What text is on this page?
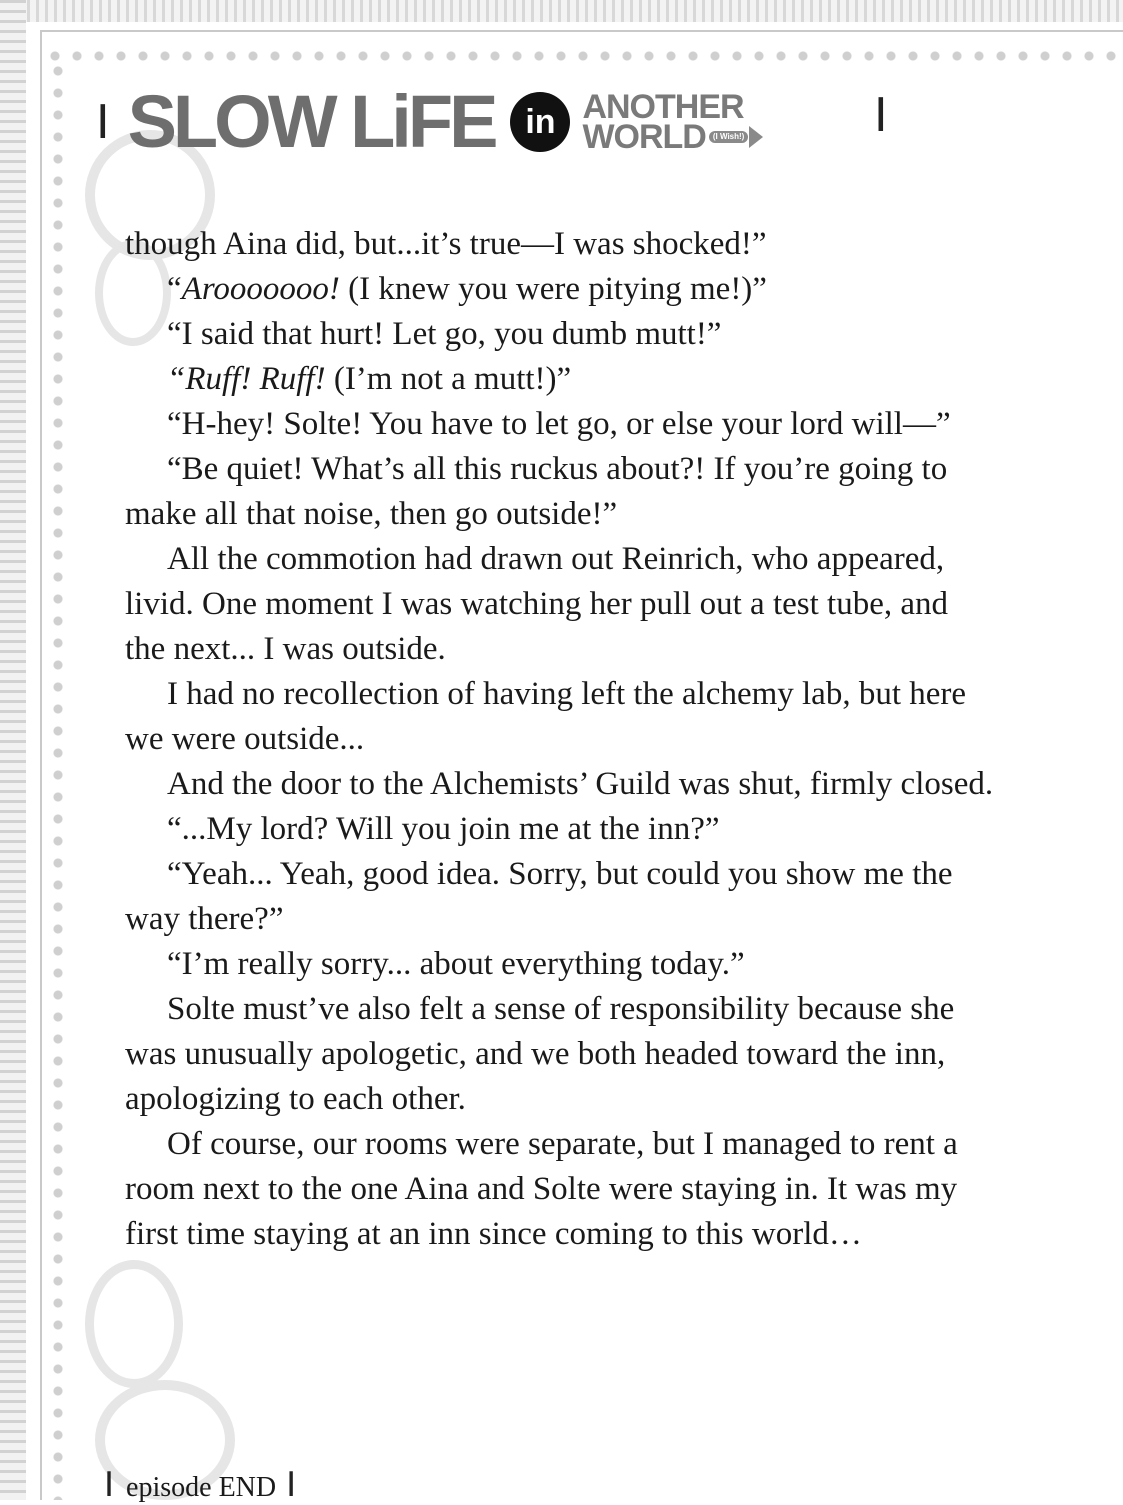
I SLOW LiFE in ANOTHER
WORLD (I Wish!)	I

though Aina did, but...it’s true—I was shocked!”

“Arooooooo! (I knew you were pitying me!)”

“I said that hurt! Let go, you dumb mutt!”

“Ruff! Ruff! (I’m not a mutt!)”

“H-hey! Solte! You have to let go, or else your lord will—”

“Be quiet! What’s all this ruckus about?! If you’re going to make all that noise, then go outside!”

All the commotion had drawn out Reinrich, who appeared, livid. One moment I was watching her pull out a test tube, and the next... I was outside.

I had no recollection of having left the alchemy lab, but here we were outside...

And the door to the Alchemists’ Guild was shut, firmly closed.

“...My lord? Will you join me at the inn?”

“Yeah... Yeah, good idea. Sorry, but could you show me the way there?”

“I’m really sorry... about everything today.”

Solte must’ve also felt a sense of responsibility because she was unusually apologetic, and we both headed toward the inn, apologizing to each other.

Of course, our rooms were separate, but I managed to rent a room next to the one Aina and Solte were staying in. It was my first time staying at an inn since coming to this world…

I episode END I
